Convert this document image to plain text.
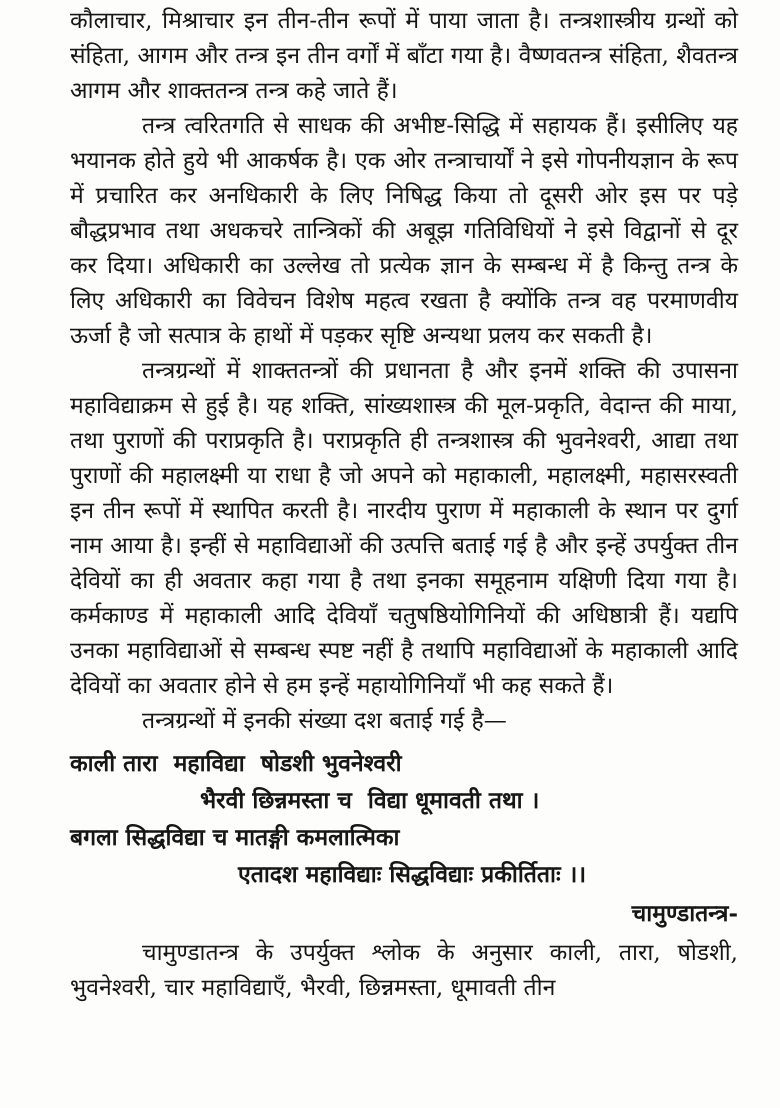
कौलाचार, मिश्राचार इन तीन-तीन रूपों में पाया जाता है। तन्त्रशास्त्रीय ग्रन्थों को संहिता, आगम और तन्त्र इन तीन वर्गों में बाँटा गया है। वैष्णवतन्त्र संहिता, शैवतन्त्र आगम और शाक्ततन्त्र तन्त्र कहे जाते हैं।

तन्त्र त्वरितगति से साधक की अभीष्ट-सिद्धि में सहायक हैं। इसीलिए यह भयानक होते हुये भी आकर्षक है। एक ओर तन्त्राचार्यों ने इसे गोपनीयज्ञान के रूप में प्रचारित कर अनधिकारी के लिए निषिद्ध किया तो दूसरी ओर इस पर पड़े बौद्धप्रभाव तथा अधकचरे तान्त्रिकों की अबूझ गतिविधियों ने इसे विद्वानों से दूर कर दिया। अधिकारी का उल्लेख तो प्रत्येक ज्ञान के सम्बन्ध में है किन्तु तन्त्र के लिए अधिकारी का विवेचन विशेष महत्व रखता है क्योंकि तन्त्र वह परमाणवीय ऊर्जा है जो सत्पात्र के हाथों में पड़कर सृष्टि अन्यथा प्रलय कर सकती है।

तन्त्रग्रन्थों में शाक्ततन्त्रों की प्रधानता है और इनमें शक्ति की उपासना महाविद्याक्रम से हुई है। यह शक्ति, सांख्यशास्त्र की मूल-प्रकृति, वेदान्त की माया, तथा पुराणों की पराप्रकृति है। पराप्रकृति ही तन्त्रशास्त्र की भुवनेश्वरी, आद्या तथा पुराणों की महालक्ष्मी या राधा है जो अपने को महाकाली, महालक्ष्मी, महासरस्वती इन तीन रूपों में स्थापित करती है। नारदीय पुराण में महाकाली के स्थान पर दुर्गा नाम आया है। इन्हीं से महाविद्याओं की उत्पत्ति बताई गई है और इन्हें उपर्युक्त तीन देवियों का ही अवतार कहा गया है तथा इनका समूहनाम यक्षिणी दिया गया है। कर्मकाण्ड में महाकाली आदि देवियाँ चतुषष्ठियोगिनियों की अधिष्ठात्री हैं। यद्यपि उनका महाविद्याओं से सम्बन्ध स्पष्ट नहीं है तथापि महाविद्याओं के महाकाली आदि देवियों का अवतार होने से हम इन्हें महायोगिनियाँ भी कह सकते हैं।

तन्त्रग्रन्थों में इनकी संख्या दश बताई गई है—

काली तारा  महाविद्या  षोडशी भुवनेश्वरी
भैरवी छिन्नमस्ता च  विद्या धूमावती तथा ।
बगला सिद्धविद्या च मातङ्गी कमलात्मिका
एतादश महाविद्याः सिद्धविद्याः प्रकीर्तिताः ।।
चामुण्डातन्त्र-

चामुण्डातन्त्र के उपर्युक्त श्लोक के अनुसार काली, तारा, षोडशी, भुवनेश्वरी, चार महाविद्याएँ, भैरवी, छिन्नमस्ता, धूमावती तीन
